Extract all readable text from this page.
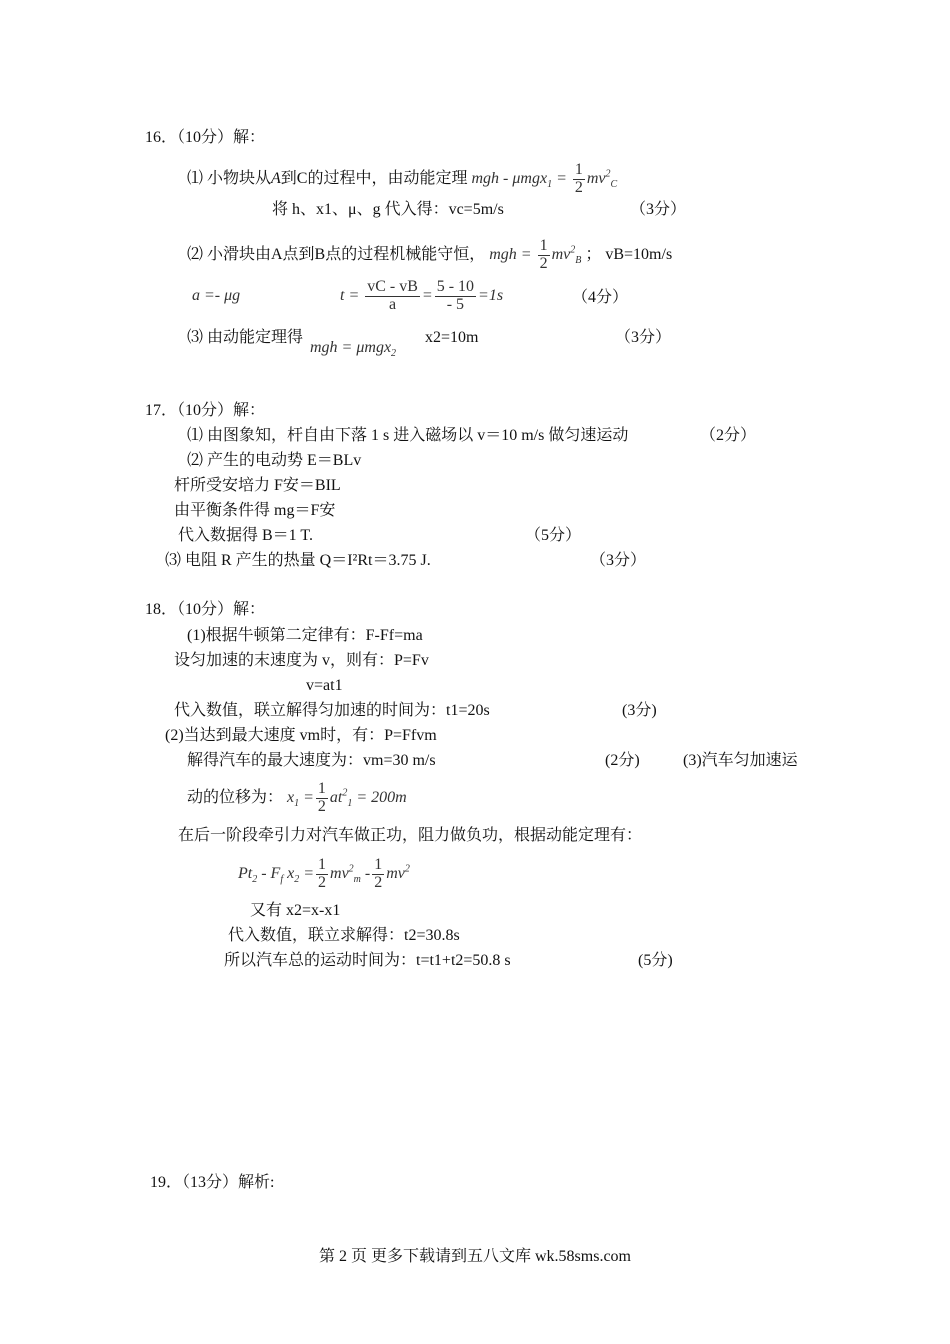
16．（10分）解：
⑴ 小物块从A到C的过程中，由动能定理 mgh - $\mu mgx_1 = \frac{1}{2} mv^2_C$
将 h、x1、μ、g 代入得：vc=5m/s	（3分）
⑵ 小滑块由A点到B点的过程机械能守恒， mgh = $\frac{1}{2} mv^2_B$ ； vB=10m/s
a =- μg	$t = \frac{vC - vB}{a} = \frac{5 - 10}{- 5} =1s$	（4分）
⑶ 由动能定理得
mgh = μmgx$_2$
x2=10m	（3分）
17．（10分）解：
⑴ 由图象知，杆自由下落 1 s 进入磁场以 v＝10 m/s 做匀速运动	（2分）
⑵ 产生的电动势 E＝BLv
杆所受安培力 F安＝BIL
由平衡条件得 mg＝F安
代入数据得 B＝1 T.	（5分）
⑶ 电阻 R 产生的热量 Q＝I²Rt＝3.75 J.	（3分）
18．（10分）解：
(1)根据牛顿第二定律有：F-Ff=ma
设匀加速的末速度为 v，则有：P=Fv
v=at1
代入数值，联立解得匀加速的时间为：t1=20s	(3分)
(2)当达到最大速度 vm时，有：P=Ffvm
解得汽车的最大速度为：vm=30 m/s	(2分)	(3)汽车匀加速运
动的位移为： $x_1 = \frac{1}{2} at^2_1 = 200m$
在后一阶段牵引力对汽车做正功，阻力做负功，根据动能定理有：
$Pt_2 - F_f$ $x_2 = \frac{1}{2} mv^2_m - \frac{1}{2} mv^2$
又有 x2=x-x1
代入数值，联立求解得：t2=30.8s
所以汽车总的运动时间为：t=t1+t2=50.8 s	(5分)
19．（13分）解析:
第 2 页 更多下载请到五八文库 wk.58sms.com
